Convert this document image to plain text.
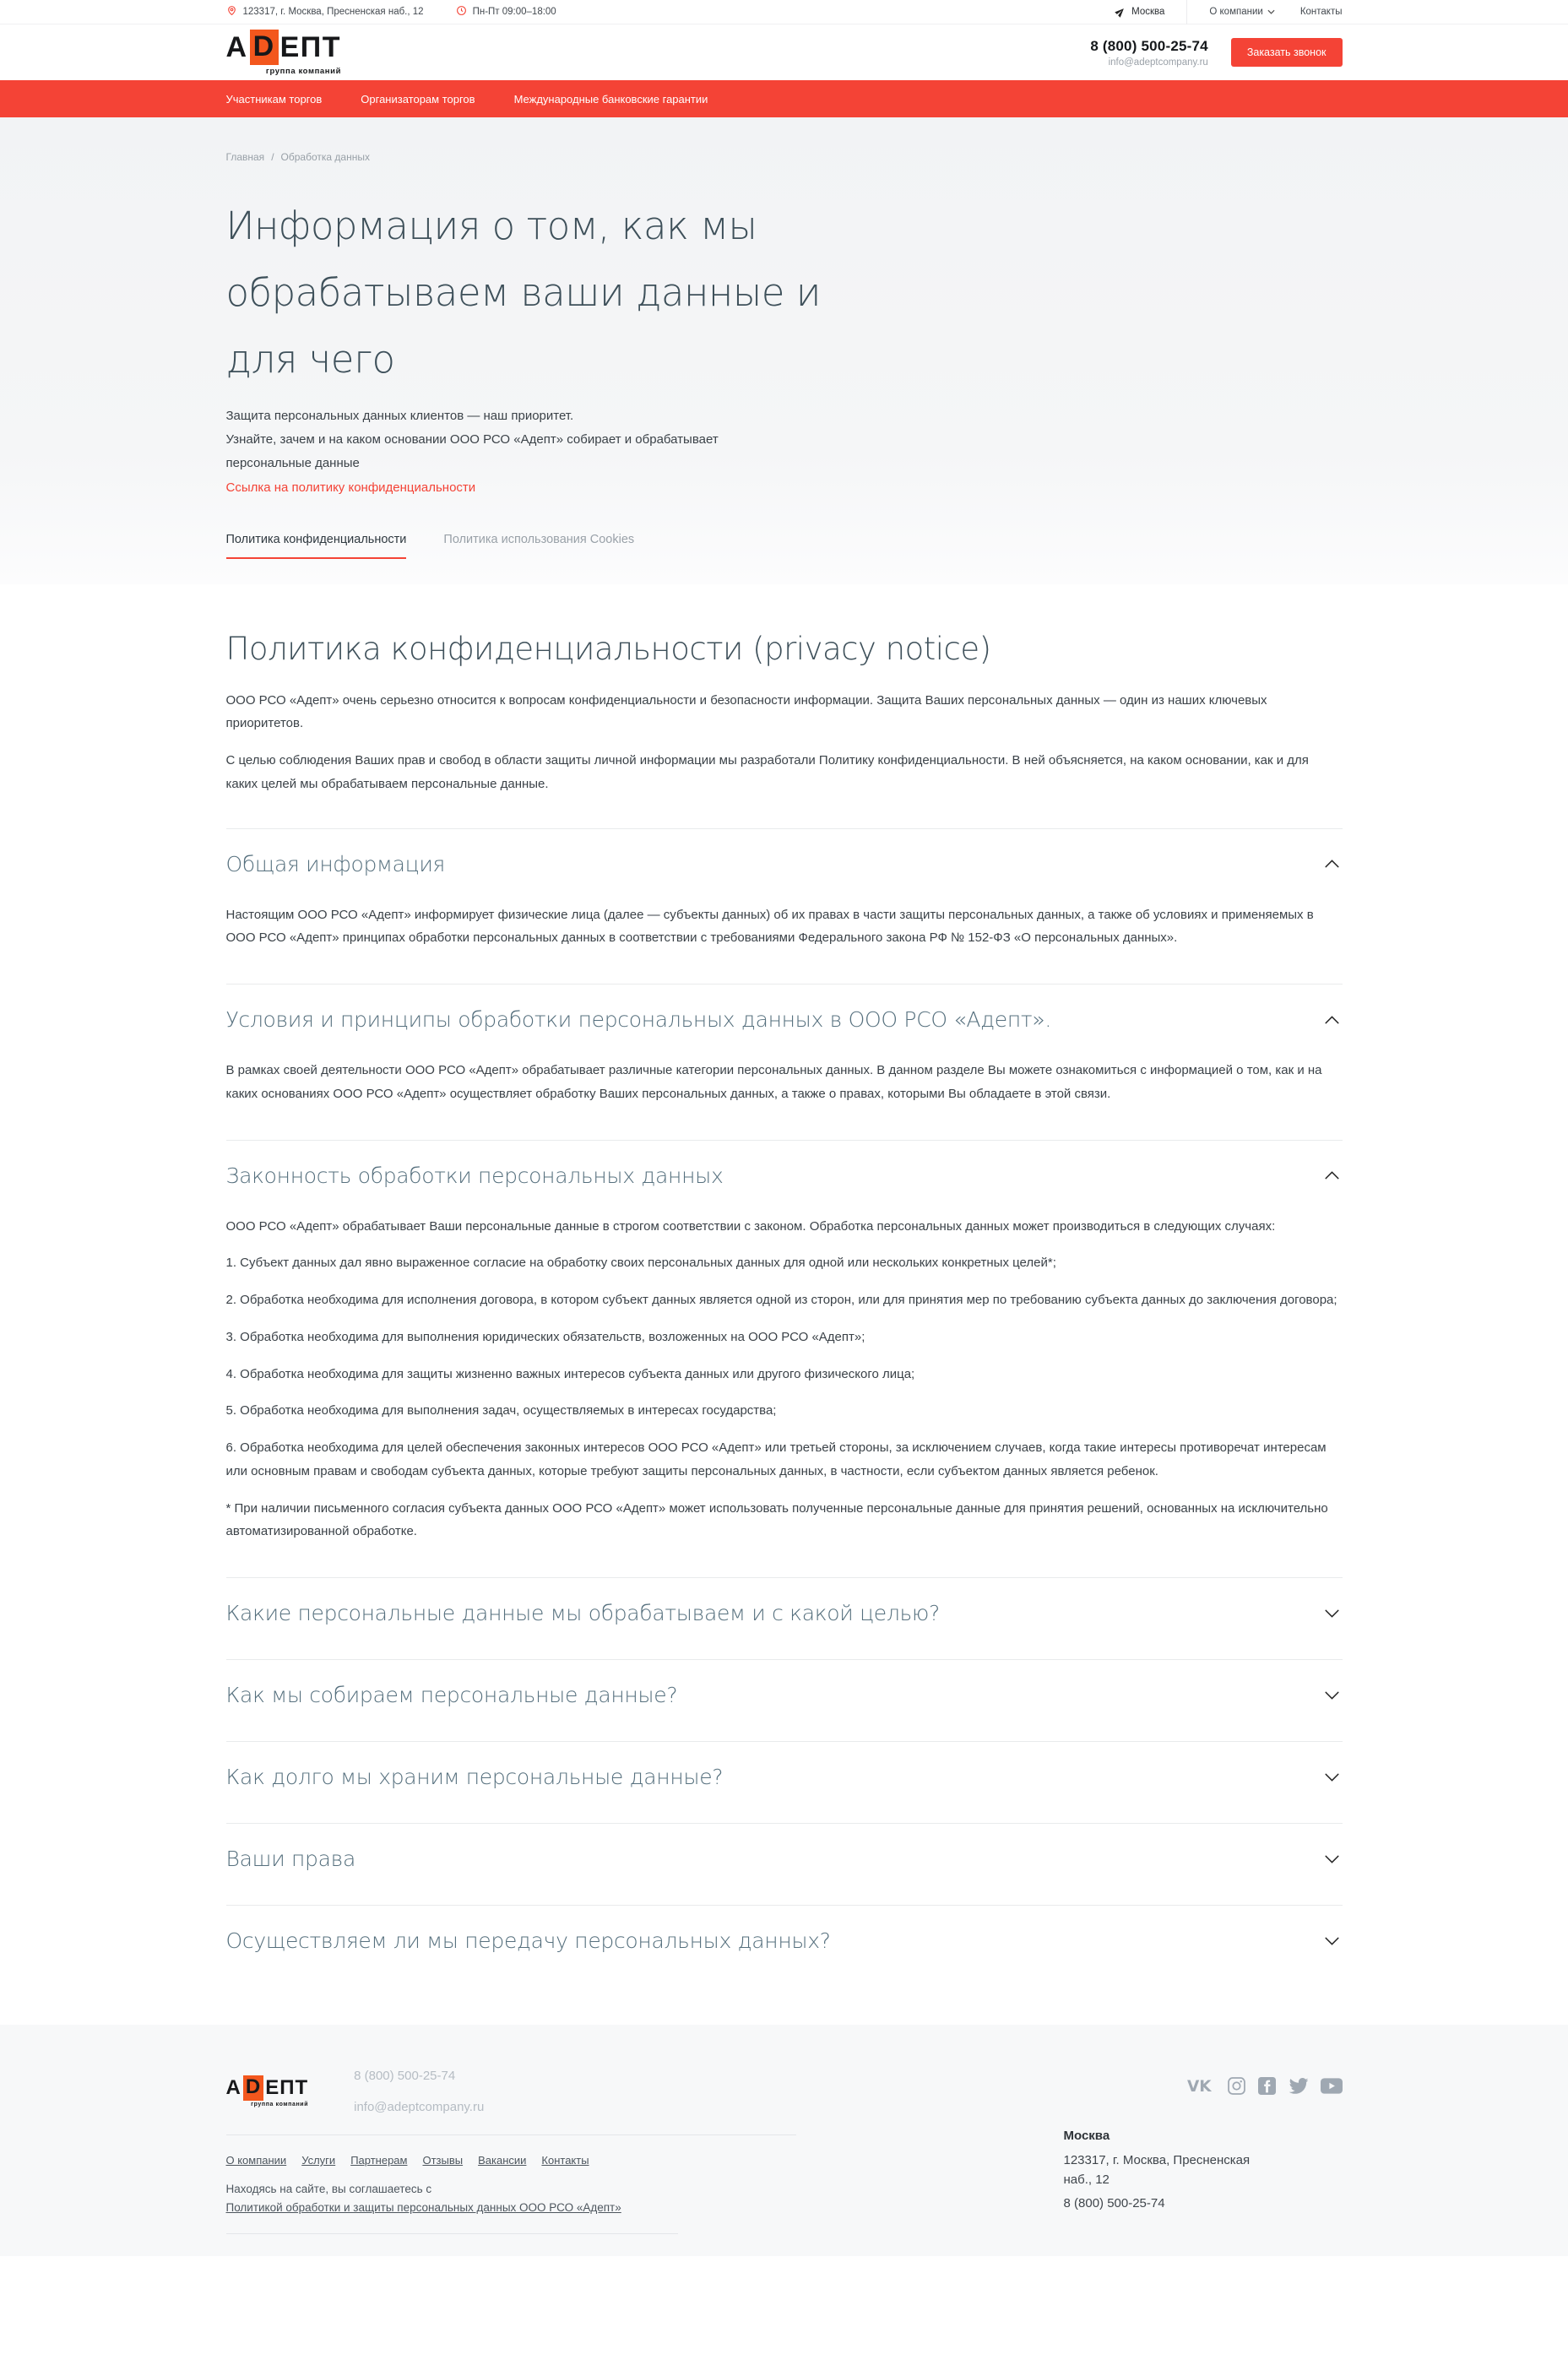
123317, г. Москва, Пресненская наб., 12	Пн-Пт 09:00–18:00	Москва	О компании	Контакты
А D ЕПТ
группа компаний
8 (800) 500-25-74
info@adeptcompany.ru
Заказать звонок
Участникам торгов	Организаторам торгов	Международные банковские гарантии
Главная / Обработка данных
Информация о том, как мы
обрабатываем ваши данные и
для чего

Защита персональных данных клиентов — наш приоритет.

Узнайте, зачем и на каком основании ООО РСО «Адепт» собирает и обрабатывает персональные данные

Ссылка на политику конфиденциальности
Политика конфиденциальности	Политика использования Cookies
Политика конфиденциальности (privacy notice)

ООО РСО «Адепт» очень серьезно относится к вопросам конфиденциальности и безопасности информации. Защита Ваших персональных данных — один из наших ключевых приоритетов.

С целью соблюдения Ваших прав и свобод в области защиты личной информации мы разработали Политику конфиденциальности. В ней объясняется, на каком основании, как и для каких целей мы обрабатываем персональные данные.

Общая информация

Настоящим ООО РСО «Адепт» информирует физические лица (далее — субъекты данных) об их правах в части защиты персональных данных, а также об условиях и применяемых в ООО РСО «Адепт» принципах обработки персональных данных в соответствии с требованиями Федерального закона РФ № 152-ФЗ «О персональных данных».

Условия и принципы обработки персональных данных в ООО РСО «Адепт».

В рамках своей деятельности ООО РСО «Адепт» обрабатывает различные категории персональных данных. В данном разделе Вы можете ознакомиться с информацией о том, как и на каких основаниях ООО РСО «Адепт» осуществляет обработку Ваших персональных данных, а также о правах, которыми Вы обладаете в этой связи.

Законность обработки персональных данных

ООО РСО «Адепт» обрабатывает Ваши персональные данные в строгом соответствии с законом. Обработка персональных данных может производиться в следующих случаях:

1. Субъект данных дал явно выраженное согласие на обработку своих персональных данных для одной или нескольких конкретных целей*;

2. Обработка необходима для исполнения договора, в котором субъект данных является одной из сторон, или для принятия мер по требованию субъекта данных до заключения договора;

3. Обработка необходима для выполнения юридических обязательств, возложенных на ООО РСО «Адепт»;

4. Обработка необходима для защиты жизненно важных интересов субъекта данных или другого физического лица;

5. Обработка необходима для выполнения задач, осуществляемых в интересах государства;

6. Обработка необходима для целей обеспечения законных интересов ООО РСО «Адепт» или третьей стороны, за исключением случаев, когда такие интересы противоречат интересам или основным правам и свободам субъекта данных, которые требуют защиты персональных данных, в частности, если субъектом данных является ребенок.

* При наличии письменного согласия субъекта данных ООО РСО «Адепт» может использовать полученные персональные данные для принятия решений, основанных на исключительно автоматизированной обработке.

Какие персональные данные мы обрабатываем и с какой целью?
Как мы собираем персональные данные?
Как долго мы храним персональные данные?
Ваши права
Осуществляем ли мы передачу персональных данных?
А D ЕПТ
группа компаний
8 (800) 500-25-74
info@adeptcompany.ru
О компании Услуги Партнерам Отзывы Вакансии Контакты
Находясь на сайте, вы соглашаетесь с
Политикой обработки и защиты персональных данных ООО РСО «Адепт»
VK
Москва
123317, г. Москва, Пресненская
наб., 12
8 (800) 500-25-74
